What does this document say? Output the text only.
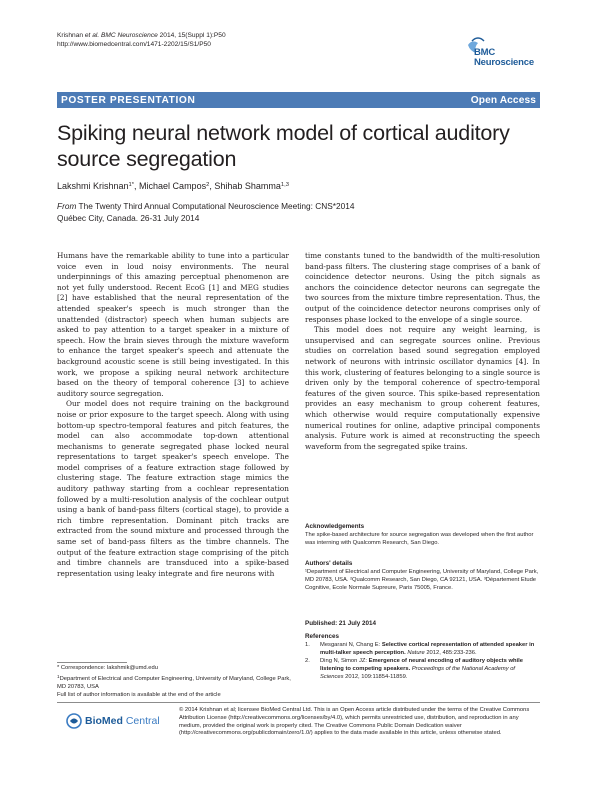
Krishnan et al. BMC Neuroscience 2014, 15(Suppl 1):P50
http://www.biomedcentral.com/1471-2202/15/S1/P50
BMC
Neuroscience
POSTER PRESENTATION	Open Access
Spiking neural network model of cortical auditory
source segregation
Lakshmi Krishnan$^{1*}$, Michael Campos$^2$, Shihab Shamma$^{1,3}$
From The Twenty Third Annual Computational Neuroscience Meeting: CNS*2014
Québec City, Canada. 26-31 July 2014

Humans have the remarkable ability to tune into a particular voice even in loud noisy environments. The neural underpinnings of this amazing perceptual phenomenon are not yet fully understood. Recent EcoG [1] and MEG studies [2] have established that the neural representation of the attended speaker's speech is much stronger than the unattended (distractor) speech when human subjects are asked to pay attention to a target speaker in a mixture of speech. How the brain sieves through the mixture waveform to enhance the target speaker's speech and attenuate the background acoustic scene is still being investigated. In this work, we propose a spiking neural network architecture based on the theory of temporal coherence [3] to achieve auditory source segregation.

Our model does not require training on the background noise or prior exposure to the target speech. Along with using bottom-up spectro-temporal features and pitch features, the model can also accommodate top-down attentional mechanisms to generate segregated phase locked neural representations to target speaker's speech envelope. The model comprises of a feature extraction stage followed by clustering stage. The feature extraction stage mimics the auditory pathway starting from a cochlear representation followed by a multi-resolution analysis of the cochlear output using a bank of band-pass filters (cortical stage), to provide a rich timbre representation. Dominant pitch tracks are extracted from the sound mixture and processed through the same set of band-pass filters as the timbre channels. The output of the feature extraction stage comprising of the pitch and timbre channels are transduced into a spike-based representation using leaky integrate and fire neurons with

time constants tuned to the bandwidth of the multi-resolution band-pass filters. The clustering stage comprises of a bank of coincidence detector neurons. Using the pitch signals as anchors the coincidence detector neurons can segregate the two sources from the mixture timbre representation. Thus, the output of the coincidence detector neurons comprises only of responses phase locked to the envelope of a single source.

This model does not require any weight learning, is unsupervised and can segregate sources online. Previous studies on correlation based sound segregation employed network of neurons with intrinsic oscillator dynamics [4]. In this work, clustering of features belonging to a single source is driven only by the temporal coherence of spectro-temporal features of the given source. This spike-based representation provides an easy mechanism to group coherent features, which otherwise would require computationally expensive numerical routines for online, adaptive principal components analysis. Future work is aimed at reconstructing the speech waveform from the segregated spike trains.

Acknowledgements

The spike-based architecture for source segregation was developed when the first author was interning with Qualcomm Research, San Diego.

Authors' details

¹Department of Electrical and Computer Engineering, University of Maryland, College Park, MD 20783, USA. ²Qualcomm Research, San Diego, CA 92121, USA. ³Département Etude Cognitive, Ecole Normale Supreure, Paris 75005, France.

Published: 21 July 2014
References
1.	Mesgarani N, Chang E: Selective cortical representation of attended speaker in multi-talker speech perception. Nature 2012, 485:233-236.
2.	Ding N, Simon JZ: Emergence of neural encoding of auditory objects while listening to competing speakers. Proceedings of the National Academy of Sciences 2012, 109:11854-11859.
* Correspondence: lakshmik@umd.edu
$^1$Department of Electrical and Computer Engineering, University of Maryland, College Park, MD 20783, USA
Full list of author information is available at the end of the article
BioMed Central
© 2014 Krishnan et al; licensee BioMed Central Ltd. This is an Open Access article distributed under the terms of the Creative Commons Attribution License (http://creativecommons.org/licenses/by/4.0), which permits unrestricted use, distribution, and reproduction in any medium, provided the original work is properly cited. The Creative Commons Public Domain Dedication waiver (http://creativecommons.org/publicdomain/zero/1.0/) applies to the data made available in this article, unless otherwise stated.
